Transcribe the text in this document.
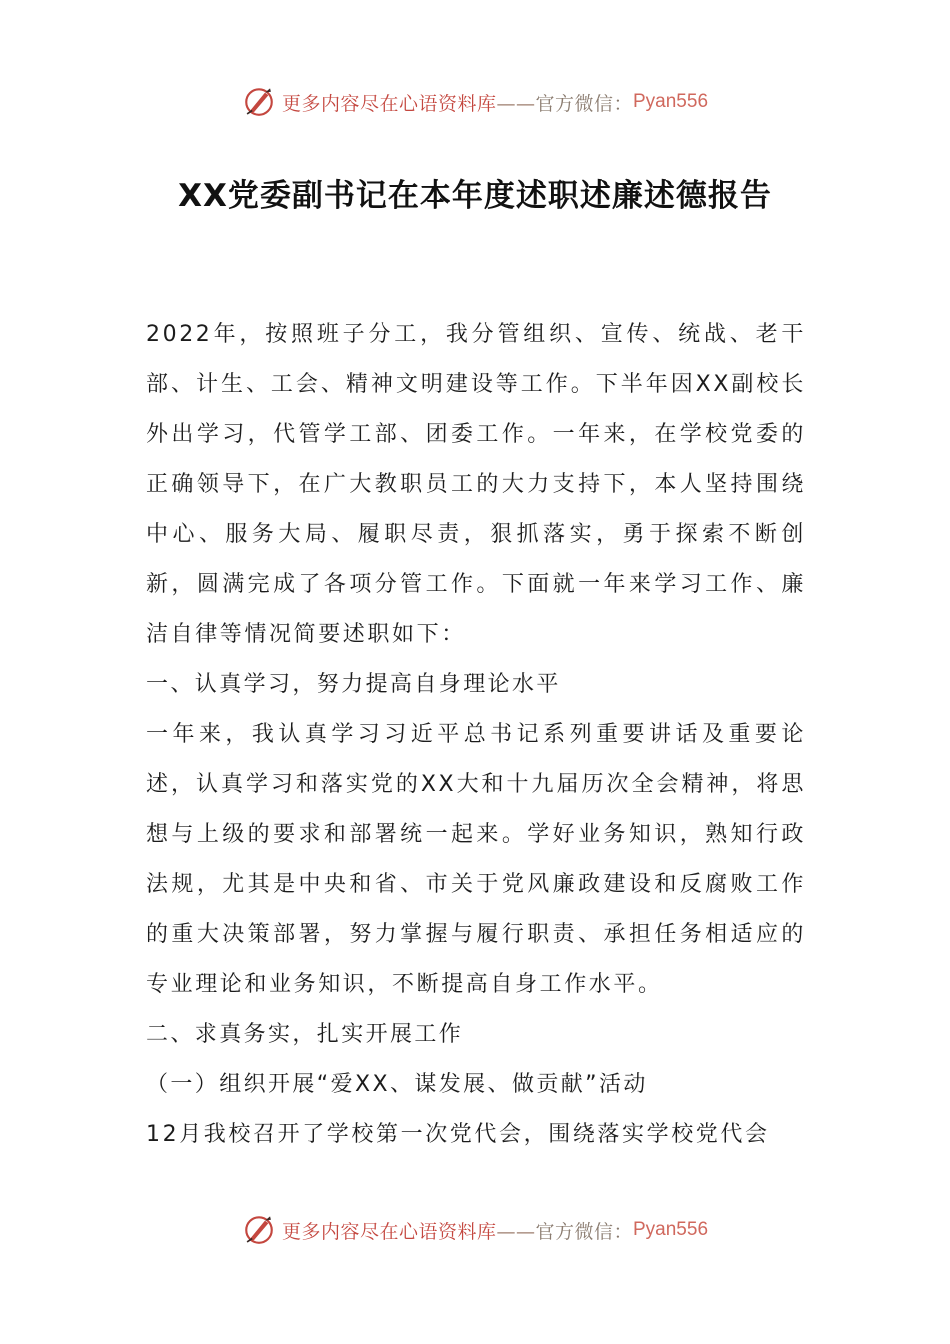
更多内容尽在心语资料库——官方微信： Pyan556
XX党委副书记在本年度述职述廉述德报告

2022年，按照班子分工，我分管组织、宣传、统战、老干部、计生、工会、精神文明建设等工作。下半年因XX副校长外出学习，代管学工部、团委工作。一年来，在学校党委的正确领导下，在广大教职员工的大力支持下，本人坚持围绕中心、服务大局、履职尽责，狠抓落实，勇于探索不断创新，圆满完成了各项分管工作。下面就一年来学习工作、廉洁自律等情况简要述职如下：

一、认真学习，努力提高自身理论水平

一年来，我认真学习习近平总书记系列重要讲话及重要论述，认真学习和落实党的XX大和十九届历次全会精神，将思想与上级的要求和部署统一起来。学好业务知识，熟知行政法规，尤其是中央和省、市关于党风廉政建设和反腐败工作的重大决策部署，努力掌握与履行职责、承担任务相适应的专业理论和业务知识，不断提高自身工作水平。

二、求真务实，扎实开展工作

（一）组织开展“爱XX、谋发展、做贡献”活动

12月我校召开了学校第一次党代会，围绕落实学校党代会

更多内容尽在心语资料库——官方微信： Pyan556
